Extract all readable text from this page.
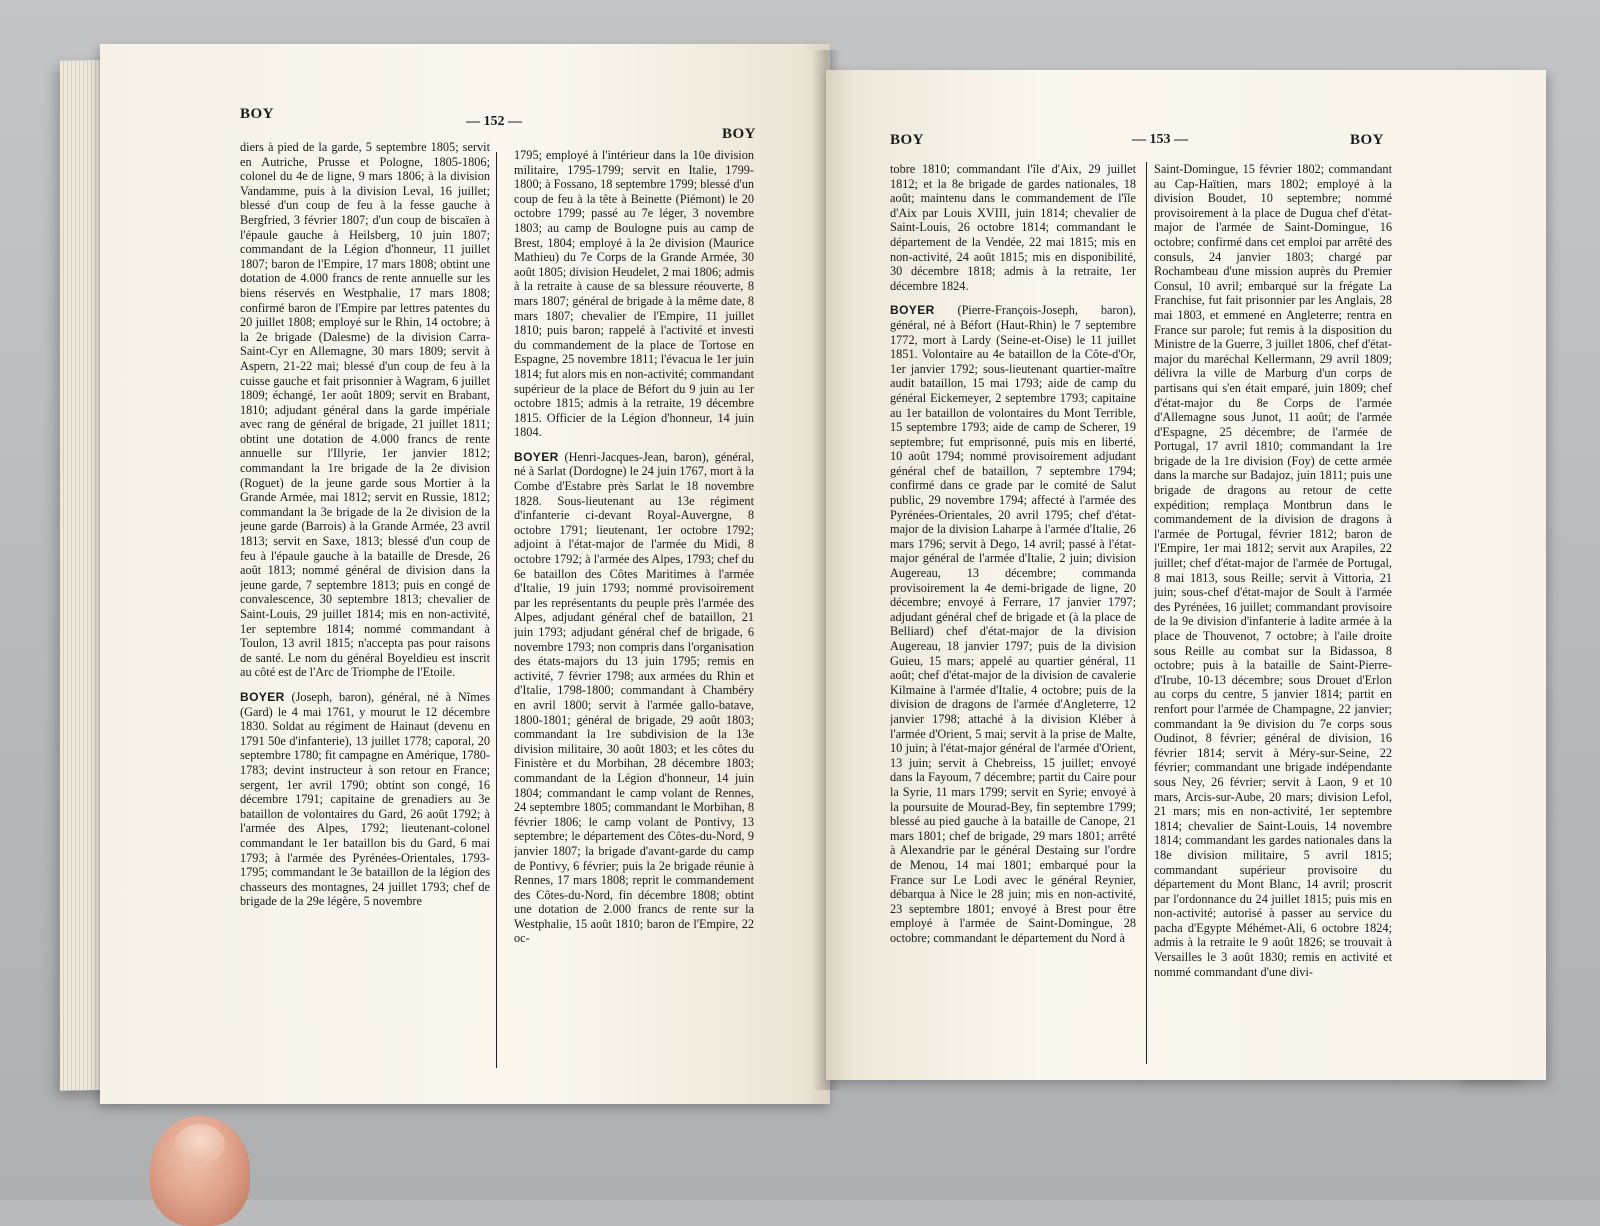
BOY	— 152 —
BOY

diers à pied de la garde, 5 septembre 1805; servit en Autriche, Prusse et Pologne, 1805-1806; colonel du 4e de ligne, 9 mars 1806; à la division Vandamme, puis à la division Leval, 16 juillet; blessé d'un coup de feu à la fesse gauche à Bergfried, 3 février 1807; d'un coup de biscaïen à l'épaule gauche à Heilsberg, 10 juin 1807; commandant de la Légion d'honneur, 11 juillet 1807; baron de l'Empire, 17 mars 1808; obtint une dotation de 4.000 francs de rente annuelle sur les biens réservés en Westphalie, 17 mars 1808; confirmé baron de l'Empire par lettres patentes du 20 juillet 1808; employé sur le Rhin, 14 octobre; à la 2e brigade (Dalesme) de la division Carra-Saint-Cyr en Allemagne, 30 mars 1809; servit à Aspern, 21-22 mai; blessé d'un coup de feu à la cuisse gauche et fait prisonnier à Wagram, 6 juillet 1809; échangé, 1er août 1809; servit en Brabant, 1810; adjudant général dans la garde impériale avec rang de général de brigade, 21 juillet 1811; obtint une dotation de 4.000 francs de rente annuelle sur l'Illyrie, 1er janvier 1812; commandant la 1re brigade de la 2e division (Roguet) de la jeune garde sous Mortier à la Grande Armée, mai 1812; servit en Russie, 1812; commandant la 3e brigade de la 2e division de la jeune garde (Barrois) à la Grande Armée, 23 avril 1813; servit en Saxe, 1813; blessé d'un coup de feu à l'épaule gauche à la bataille de Dresde, 26 août 1813; nommé général de division dans la jeune garde, 7 septembre 1813; puis en congé de convalescence, 30 septembre 1813; chevalier de Saint-Louis, 29 juillet 1814; mis en non-activité, 1er septembre 1814; nommé commandant à Toulon, 13 avril 1815; n'accepta pas pour raisons de santé. Le nom du général Boyeldieu est inscrit au côté est de l'Arc de Triomphe de l'Etoile.

BOYER (Joseph, baron), général, né à Nîmes (Gard) le 4 mai 1761, y mourut le 12 décembre 1830. Soldat au régiment de Hainaut (devenu en 1791 50e d'infanterie), 13 juillet 1778; caporal, 20 septembre 1780; fit campagne en Amérique, 1780-1783; devint instructeur à son retour en France; sergent, 1er avril 1790; obtint son congé, 16 décembre 1791; capitaine de grenadiers au 3e bataillon de volontaires du Gard, 26 août 1792; à l'armée des Alpes, 1792; lieutenant-colonel commandant le 1er bataillon bis du Gard, 6 mai 1793; à l'armée des Pyrénées-Orientales, 1793-1795; commandant le 3e bataillon de la légion des chasseurs des montagnes, 24 juillet 1793; chef de brigade de la 29e légère, 5 novembre

1795; employé à l'intérieur dans la 10e division militaire, 1795-1799; servit en Italie, 1799-1800; à Fossano, 18 septembre 1799; blessé d'un coup de feu à la tête à Beinette (Piémont) le 20 octobre 1799; passé au 7e léger, 3 novembre 1803; au camp de Boulogne puis au camp de Brest, 1804; employé à la 2e division (Maurice Mathieu) du 7e Corps de la Grande Armée, 30 août 1805; division Heudelet, 2 mai 1806; admis à la retraite à cause de sa blessure réouverte, 8 mars 1807; général de brigade à la même date, 8 mars 1807; chevalier de l'Empire, 11 juillet 1810; puis baron; rappelé à l'activité et investi du commandement de la place de Tortose en Espagne, 25 novembre 1811; l'évacua le 1er juin 1814; fut alors mis en non-activité; commandant supérieur de la place de Béfort du 9 juin au 1er octobre 1815; admis à la retraite, 19 décembre 1815. Officier de la Légion d'honneur, 14 juin 1804.

BOYER (Henri-Jacques-Jean, baron), général, né à Sarlat (Dordogne) le 24 juin 1767, mort à la Combe d'Estabre près Sarlat le 18 novembre 1828. Sous-lieutenant au 13e régiment d'infanterie ci-devant Royal-Auvergne, 8 octobre 1791; lieutenant, 1er octobre 1792; adjoint à l'état-major de l'armée du Midi, 8 octobre 1792; à l'armée des Alpes, 1793; chef du 6e bataillon des Côtes Maritimes à l'armée d'Italie, 19 juin 1793; nommé provisoirement par les représentants du peuple près l'armée des Alpes, adjudant général chef de bataillon, 21 juin 1793; adjudant général chef de brigade, 6 novembre 1793; non compris dans l'organisation des états-majors du 13 juin 1795; remis en activité, 7 février 1798; aux armées du Rhin et d'Italie, 1798-1800; commandant à Chambéry en avril 1800; servit à l'armée gallo-batave, 1800-1801; général de brigade, 29 août 1803; commandant la 1re subdivision de la 13e division militaire, 30 août 1803; et les côtes du Finistère et du Morbihan, 28 décembre 1803; commandant de la Légion d'honneur, 14 juin 1804; commandant le camp volant de Rennes, 24 septembre 1805; commandant le Morbihan, 8 février 1806; le camp volant de Pontivy, 13 septembre; le département des Côtes-du-Nord, 9 janvier 1807; la brigade d'avant-garde du camp de Pontivy, 6 février; puis la 2e brigade réunie à Rennes, 17 mars 1808; reprit le commandement des Côtes-du-Nord, fin décembre 1808; obtint une dotation de 2.000 francs de rente sur la Westphalie, 15 août 1810; baron de l'Empire, 22 oc-

BOY	— 153 —	BOY

tobre 1810; commandant l'île d'Aix, 29 juillet 1812; et la 8e brigade de gardes nationales, 18 août; maintenu dans le commandement de l'île d'Aix par Louis XVIII, juin 1814; chevalier de Saint-Louis, 26 octobre 1814; commandant le département de la Vendée, 22 mai 1815; mis en non-activité, 24 août 1815; mis en disponibilité, 30 décembre 1818; admis à la retraite, 1er décembre 1824.

BOYER (Pierre-François-Joseph, baron), général, né à Béfort (Haut-Rhin) le 7 septembre 1772, mort à Lardy (Seine-et-Oise) le 11 juillet 1851. Volontaire au 4e bataillon de la Côte-d'Or, 1er janvier 1792; sous-lieutenant quartier-maître audit bataillon, 15 mai 1793; aide de camp du général Eickemeyer, 2 septembre 1793; capitaine au 1er bataillon de volontaires du Mont Terrible, 15 septembre 1793; aide de camp de Scherer, 19 septembre; fut emprisonné, puis mis en liberté, 10 août 1794; nommé provisoirement adjudant général chef de bataillon, 7 septembre 1794; confirmé dans ce grade par le comité de Salut public, 29 novembre 1794; affecté à l'armée des Pyrénées-Orientales, 20 avril 1795; chef d'état-major de la division Laharpe à l'armée d'Italie, 26 mars 1796; servit à Dego, 14 avril; passé à l'état-major général de l'armée d'Italie, 2 juin; division Augereau, 13 décembre; commanda provisoirement la 4e demi-brigade de ligne, 20 décembre; envoyé à Ferrare, 17 janvier 1797; adjudant général chef de brigade et (à la place de Belliard) chef d'état-major de la division Augereau, 18 janvier 1797; puis de la division Guieu, 15 mars; appelé au quartier général, 11 août; chef d'état-major de la division de cavalerie Kilmaine à l'armée d'Italie, 4 octobre; puis de la division de dragons de l'armée d'Angleterre, 12 janvier 1798; attaché à la division Kléber à l'armée d'Orient, 5 mai; servit à la prise de Malte, 10 juin; à l'état-major général de l'armée d'Orient, 13 juin; servit à Chebreiss, 15 juillet; envoyé dans la Fayoum, 7 décembre; partit du Caire pour la Syrie, 11 mars 1799; servit en Syrie; envoyé à la poursuite de Mourad-Bey, fin septembre 1799; blessé au pied gauche à la bataille de Canope, 21 mars 1801; chef de brigade, 29 mars 1801; arrêté à Alexandrie par le général Destaing sur l'ordre de Menou, 14 mai 1801; embarqué pour la France sur Le Lodi avec le général Reynier, débarqua à Nice le 28 juin; mis en non-activité, 23 septembre 1801; envoyé à Brest pour être employé à l'armée de Saint-Domingue, 28 octobre; commandant le département du Nord à

Saint-Domingue, 15 février 1802; commandant au Cap-Haïtien, mars 1802; employé à la division Boudet, 10 septembre; nommé provisoirement à la place de Dugua chef d'état-major de l'armée de Saint-Domingue, 16 octobre; confirmé dans cet emploi par arrêté des consuls, 24 janvier 1803; chargé par Rochambeau d'une mission auprès du Premier Consul, 10 avril; embarqué sur la frégate La Franchise, fut fait prisonnier par les Anglais, 28 mai 1803, et emmené en Angleterre; rentra en France sur parole; fut remis à la disposition du Ministre de la Guerre, 3 juillet 1806, chef d'état-major du maréchal Kellermann, 29 avril 1809; délivra la ville de Marburg d'un corps de partisans qui s'en était emparé, juin 1809; chef d'état-major du 8e Corps de l'armée d'Allemagne sous Junot, 11 août; de l'armée d'Espagne, 25 décembre; de l'armée de Portugal, 17 avril 1810; commandant la 1re brigade de la 1re division (Foy) de cette armée dans la marche sur Badajoz, juin 1811; puis une brigade de dragons au retour de cette expédition; remplaça Montbrun dans le commandement de la division de dragons à l'armée de Portugal, février 1812; baron de l'Empire, 1er mai 1812; servit aux Arapiles, 22 juillet; chef d'état-major de l'armée de Portugal, 8 mai 1813, sous Reille; servit à Vittoria, 21 juin; sous-chef d'état-major de Soult à l'armée des Pyrénées, 16 juillet; commandant provisoire de la 9e division d'infanterie à ladite armée à la place de Thouvenot, 7 octobre; à l'aile droite sous Reille au combat sur la Bidassoa, 8 octobre; puis à la bataille de Saint-Pierre-d'Irube, 10-13 décembre; sous Drouet d'Erlon au corps du centre, 5 janvier 1814; partit en renfort pour l'armée de Champagne, 22 janvier; commandant la 9e division du 7e corps sous Oudinot, 8 février; général de division, 16 février 1814; servit à Méry-sur-Seine, 22 février; commandant une brigade indépendante sous Ney, 26 février; servit à Laon, 9 et 10 mars, Arcis-sur-Aube, 20 mars; division Lefol, 21 mars; mis en non-activité, 1er septembre 1814; chevalier de Saint-Louis, 14 novembre 1814; commandant les gardes nationales dans la 18e division militaire, 5 avril 1815; commandant supérieur provisoire du département du Mont Blanc, 14 avril; proscrit par l'ordonnance du 24 juillet 1815; puis mis en non-activité; autorisé à passer au service du pacha d'Egypte Méhémet-Ali, 6 octobre 1824; admis à la retraite le 9 août 1826; se trouvait à Versailles le 3 août 1830; remis en activité et nommé commandant d'une divi-
